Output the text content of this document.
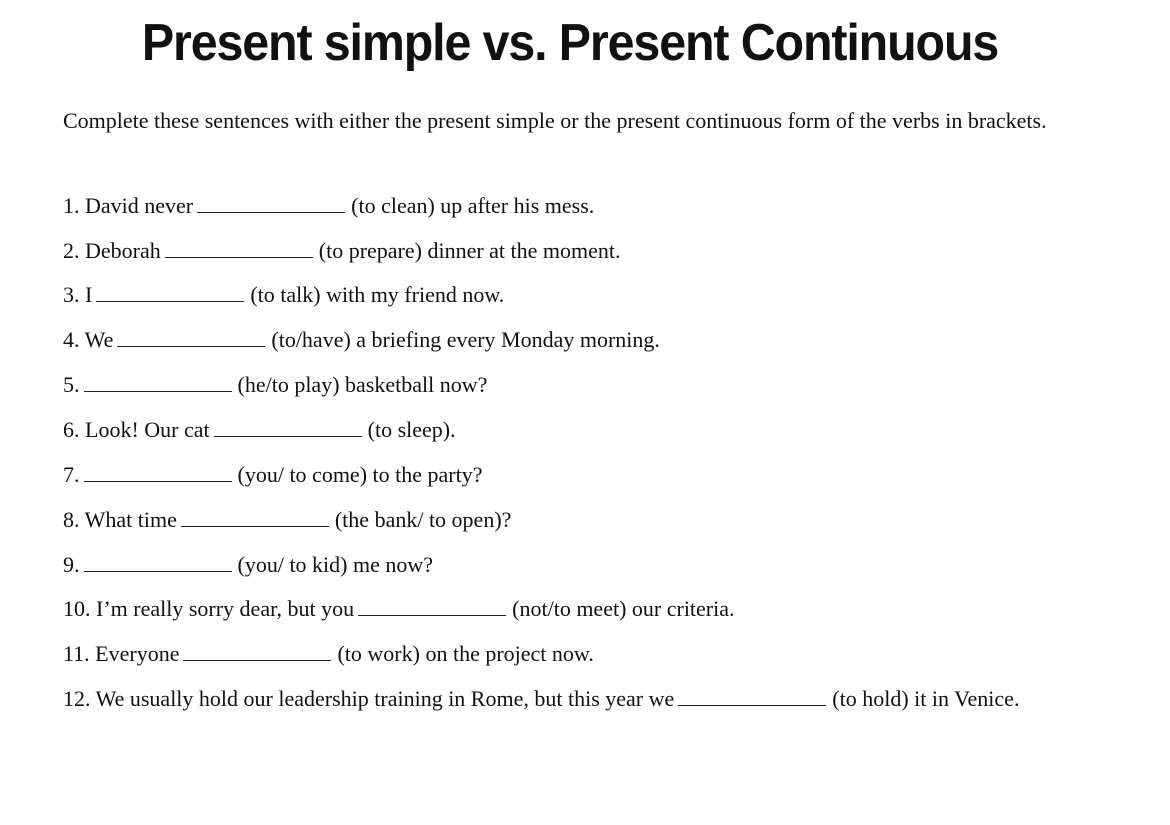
Present simple vs. Present Continuous

Complete these sentences with either the present simple or the present continuous form of the verbs in brackets.

1. David never	(to clean) up after his mess.
2. Deborah	(to prepare) dinner at the moment.
3. I	(to talk) with my friend now.
4. We	(to/have) a briefing every Monday morning.
5.	(he/to play) basketball now?
6. Look! Our cat	(to sleep).
7.	(you/ to come) to the party?
8. What time	(the bank/ to open)?
9.	(you/ to kid) me now?
10. I’m really sorry dear, but you	(not/to meet) our criteria.
11. Everyone	(to work) on the project now.
12. We usually hold our leadership training in Rome, but this year we	(to hold) it in Venice.
